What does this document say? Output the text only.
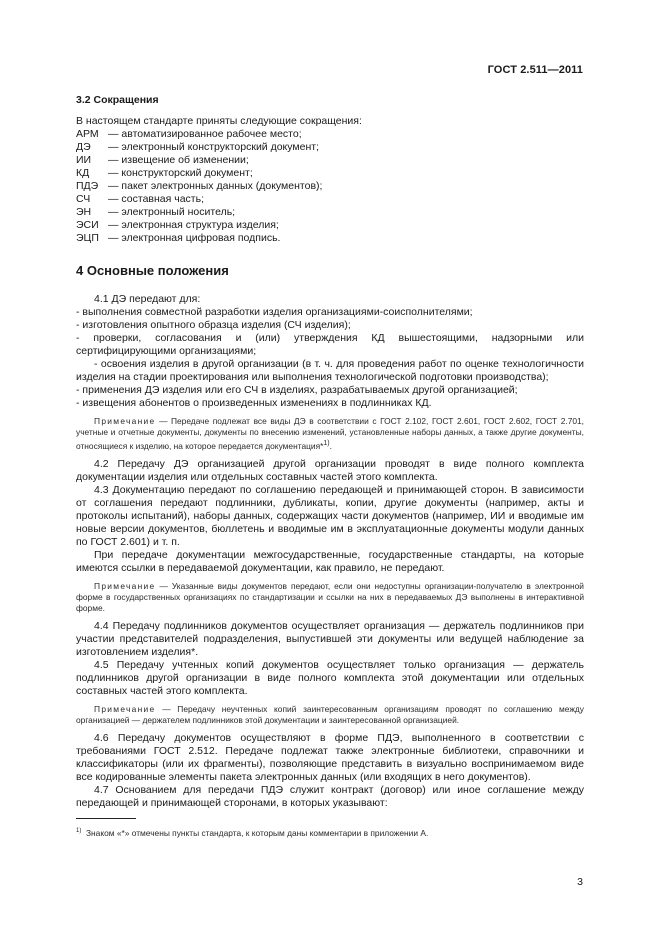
ГОСТ 2.511—2011
3.2 Сокращения

В настоящем стандарте приняты следующие сокращения:

АРМ — автоматизированное рабочее место;
ДЭ	— электронный конструкторский документ;
ИИ	— извещение об изменении;
КД	— конструкторский документ;
ПДЭ — пакет электронных данных (документов);
СЧ	— составная часть;
ЭН	— электронный носитель;
ЭСИ — электронная структура изделия;
ЭЦП — электронная цифровая подпись.
4 Основные положения

4.1 ДЭ передают для:

- выполнения совместной разработки изделия организациями-соисполнителями;

- изготовления опытного образца изделия (СЧ изделия);

- проверки, согласования и (или) утверждения КД вышестоящими, надзорными или сертифицирующими организациями;

- освоения изделия в другой организации (в т. ч. для проведения работ по оценке технологичности изделия на стадии проектирования или выполнения технологической подготовки производства);

- применения ДЭ изделия или его СЧ в изделиях, разрабатываемых другой организацией;

- извещения абонентов о произведенных изменениях в подлинниках КД.

Примечание — Передаче подлежат все виды ДЭ в соответствии с ГОСТ 2.102, ГОСТ 2.601, ГОСТ 2.602, ГОСТ 2.701, учетные и отчетные документы, документы по внесению изменений, установленные наборы данных, а также другие документы, относящиеся к изделию, на которое передается документация*$^{1)}$.

4.2 Передачу ДЭ организацией другой организации проводят в виде полного комплекта документации изделия или отдельных составных частей этого комплекта.

4.3 Документацию передают по соглашению передающей и принимающей сторон. В зависимости от соглашения передают подлинники, дубликаты, копии, другие документы (например, акты и протоколы испытаний), наборы данных, содержащих части документов (например, ИИ и вводимые им новые версии документов, бюллетень и вводимые им в эксплуатационные документы модули данных по ГОСТ 2.601) и т. п.

При передаче документации межгосударственные, государственные стандарты, на которые имеются ссылки в передаваемой документации, как правило, не передают.

Примечание — Указанные виды документов передают, если они недоступны организации-получателю в электронной форме в государственных организациях по стандартизации и ссылки на них в передаваемых ДЭ выполнены в интерактивной форме.

4.4 Передачу подлинников документов осуществляет организация — держатель подлинников при участии представителей подразделения, выпустившей эти документы или ведущей наблюдение за изготовлением изделия*.

4.5 Передачу учтенных копий документов осуществляет только организация — держатель подлинников другой организации в виде полного комплекта этой документации или отдельных составных частей этого комплекта.

Примечание — Передачу неучтенных копий заинтересованным организациям проводят по соглашению между организацией — держателем подлинников этой документации и заинтересованной организацией.

4.6 Передачу документов осуществляют в форме ПДЭ, выполненного в соответствии с требованиями ГОСТ 2.512. Передаче подлежат также электронные библиотеки, справочники и классификаторы (или их фрагменты), позволяющие представить в визуально воспринимаемом виде все кодированные элементы пакета электронных данных (или входящих в него документов).

4.7 Основанием для передачи ПДЭ служит контракт (договор) или иное соглашение между передающей и принимающей сторонами, в которых указывают:

$^{1)}$ Знаком «*» отмечены пункты стандарта, к которым даны комментарии в приложении А.
3
